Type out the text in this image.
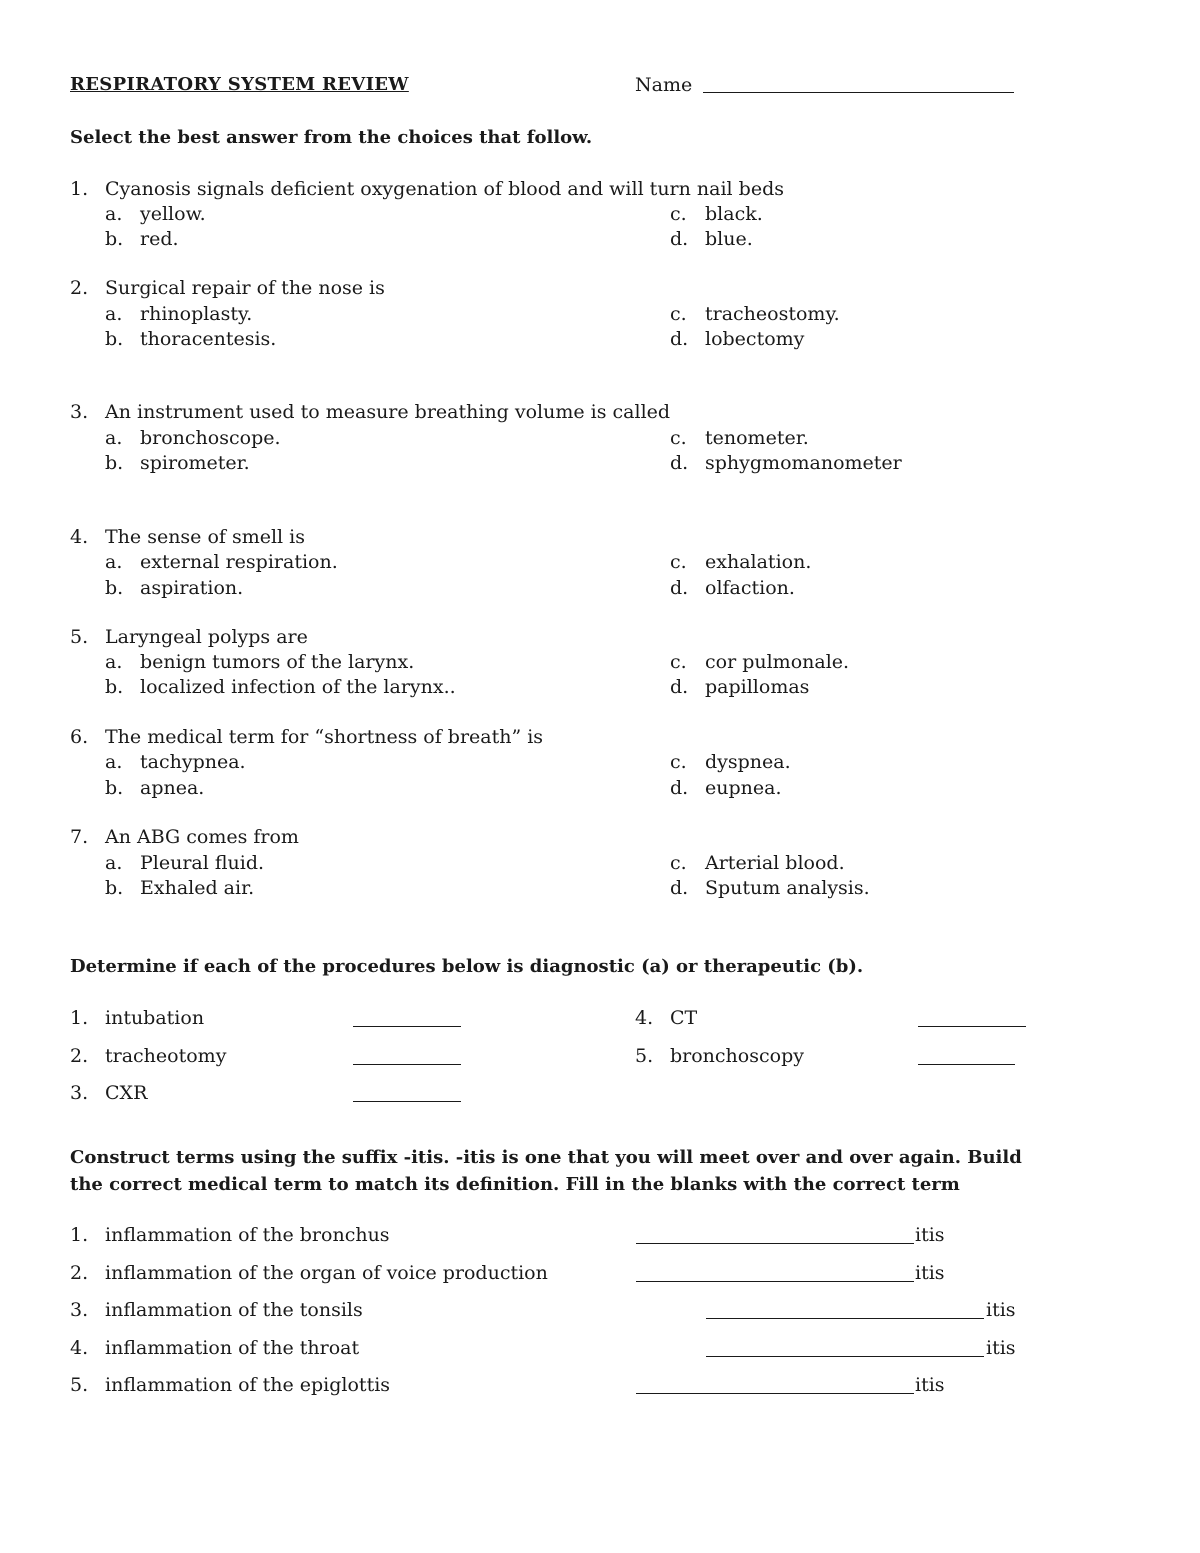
RESPIRATORY SYSTEM REVIEW	Name
Select the best answer from the choices that follow.
1. Cyanosis signals deficient oxygenation of blood and will turn nail beds
a. yellow.
b. red.
c. black.
d. blue.
2. Surgical repair of the nose is
a. rhinoplasty.
b. thoracentesis.
c. tracheostomy.
d. lobectomy
3. An instrument used to measure breathing volume is called
a. bronchoscope.
b. spirometer.
c. tenometer.
d. sphygmomanometer
4. The sense of smell is
a. external respiration.
b. aspiration.
c. exhalation.
d. olfaction.
5. Laryngeal polyps are
a. benign tumors of the larynx.
b. localized infection of the larynx..
c. cor pulmonale.
d. papillomas
6. The medical term for “shortness of breath” is
a. tachypnea.
b. apnea.
c. dyspnea.
d. eupnea.
7. An ABG comes from
a. Pleural fluid.
b. Exhaled air.
c. Arterial blood.
d. Sputum analysis.
Determine if each of the procedures below is diagnostic (a) or therapeutic (b).
1. intubation
2. tracheotomy
3. CXR
4. CT
5. bronchoscopy
Construct terms using the suffix -itis. -itis is one that you will meet over and over again. Build
the correct medical term to match its definition. Fill in the blanks with the correct term
1. inflammation of the bronchus	itis
2. inflammation of the organ of voice production	itis
3. inflammation of the tonsils	itis
4. inflammation of the throat	itis
5. inflammation of the epiglottis	itis
